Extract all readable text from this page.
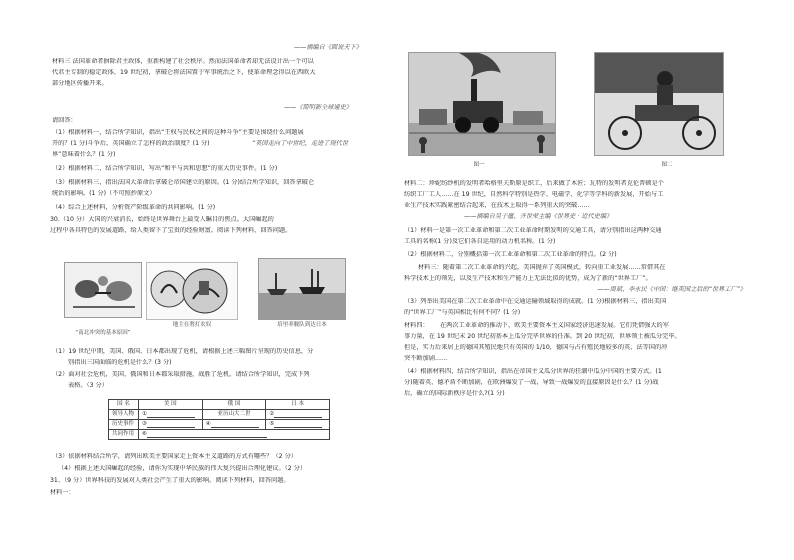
——摘编自《圆说天下》
材料三 法国革命者摒除君主政体，重新构建了社会秩序。然而法国革命者却无法设计出一个可以
代君主专制的稳定政体，19 世纪初，拿破仑将法国置于军事统治之下，使革命理念得以在西欧大
部分地区传播开来。
——《简明新全球通史》
请回答：
（1）根据材料一，结合所学知识，指出“王权与民权之间的这种斗争”主要是围绕什么问题展
开的？(1 分)斗争后，英国确立了怎样的政治制度？(1 分)	“英国走向了中世纪，走进了现代世
界”意味着什么？(1 分)
（2）根据材料二，结合所学知识，写出“和平与共和思想”的重大历史事件。(1 分)
（3）根据材料三，指出法国大革命后拿破仑帝国建立的原因。(1 分)结合所学知识，回答拿破仑
统治的影响。(1 分)（不可照抄原文）
（4）综合上述材料，分析资产阶级革命的共同影响。(1 分)
30.（10 分）大国的兴衰消长，始终是世界舞台上最受人瞩目的焦点。大国崛起的
过程中各具特色的发展道路，给人类留下了宝贵的经验财富。阅读下列材料，回答问题。
“南北冲突的基本原因”
地主在奢打农奴	培里率舰队到达日本
（1）19 世纪中期，美国、俄国、日本都出现了危机，请根据上述三幅图片呈现的历史信息，分
别指出三国面临的危机是什么？(3 分)
（2）面对社会危机，美国、俄国和日本都采取措施，战胜了危机。请结合所学知识，完成下列
表格。（3 分）
国 名	美 国	俄 国	日 本
领导人物	①	亚历山大二世	②
历史事件	③	④	⑤
共同作用	⑥		
（3）依据材料结合所学，请列出欧美主要国家走上资本主义道路的方式有哪些？（2 分）
（4）根据上述大国崛起的经验，请你为实现中华民族的伟大复兴提出合理化建议。（2 分）
31、（9 分）世界科技的发展对人类社会产生了重大的影响。阅读下列材料，回答问题。
材料一：
图一	图二
材料二：珍妮纺纱机的发明者哈格里夫斯原是织工，后来做了木匠；瓦特的发明者克伦普顿是个
纺织工厂工人……在 19 世纪，自然科学特别是热学、电磁学、化学等学科的新发展，开始与工
业生产技术实践紧密结合起来，在技术上取得一系列重大的突破……
——摘编自吴于廑、齐世荣主编《世界史 · 近代史编》
（1）材料一是第一次工业革命和第二次工业革命时期发明的交通工具，请分别指出这两种交通
工具的名称(1 分)及它们各自运用的动力机名称。(1 分)
（2）根据材料二，分别概括第一次工业革命和第二次工业革命的特点。(2 分)
材料三：随着第二次工业革命的兴起，美国抛弃了英国模式，转向重工业发展……常借其在
科学技术上的领先，以及生产技术和生产能力上无法比拟的优势，成为了新的“世界工厂”。
——周斌、李永民《中国：继英国之后的“世界工厂”》
（3）列举出美国在第二次工业革命中在交通运输领域取得的成就。(1 分)根据材料三，指出美国
的“世界工厂”与英国相比有何不同？(1 分)
材料四： 在两次工业革命的推动下，欧美主要资本主义国家经济迅速发展。它们凭借强大的军
事力量，在 19 世纪末 20 世纪初基本上瓜分完毕世界的任准。到 20 世纪初，世界领土被瓜分完毕。
但是，实力后来居上的德国其殖民地只有英国的 1/10，德国与占有殖民地较多的英、法等国的冲
突不断加剧……
（4）根据材料四，结合所学知识，指出在帝国主义瓜分世界的狂潮中瓜分中国的主要方式。(1
分)随着英、德矛盾不断加剧，在欧洲爆发了一战，导致一战爆发的直接原因是什么？(1 分)战
后，确立的国际新秩序是什么?(1 分)
